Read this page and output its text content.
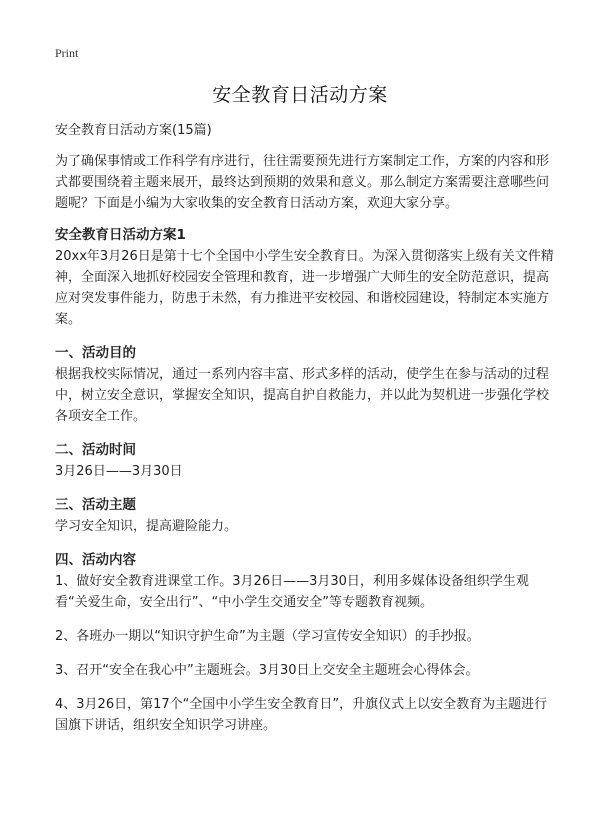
Print
安全教育日活动方案

安全教育日活动方案(15篇)

为了确保事情或工作科学有序进行，往往需要预先进行方案制定工作，方案的内容和形式都要围绕着主题来展开，最终达到预期的效果和意义。那么制定方案需要注意哪些问题呢？下面是小编为大家收集的安全教育日活动方案，欢迎大家分享。

安全教育日活动方案1

20xx年3月26日是第十七个全国中小学生安全教育日。为深入贯彻落实上级有关文件精神，全面深入地抓好校园安全管理和教育，进一步增强广大师生的安全防范意识，提高应对突发事件能力，防患于未然，有力推进平安校园、和谐校园建设，特制定本实施方案。

一、活动目的

根据我校实际情况，通过一系列内容丰富、形式多样的活动，使学生在参与活动的过程中，树立安全意识，掌握安全知识，提高自护自救能力，并以此为契机进一步强化学校各项安全工作。

二、活动时间

3月26日——3月30日

三、活动主题

学习安全知识，提高避险能力。

四、活动内容

1、做好安全教育进课堂工作。3月26日——3月30日，利用多媒体设备组织学生观看“关爱生命，安全出行”、“中小学生交通安全”等专题教育视频。

2、各班办一期以“知识守护生命”为主题（学习宣传安全知识）的手抄报。

3、召开“安全在我心中”主题班会。3月30日上交安全主题班会心得体会。

4、3月26日，第17个“全国中小学生安全教育日”，升旗仪式上以安全教育为主题进行国旗下讲话，组织安全知识学习讲座。
